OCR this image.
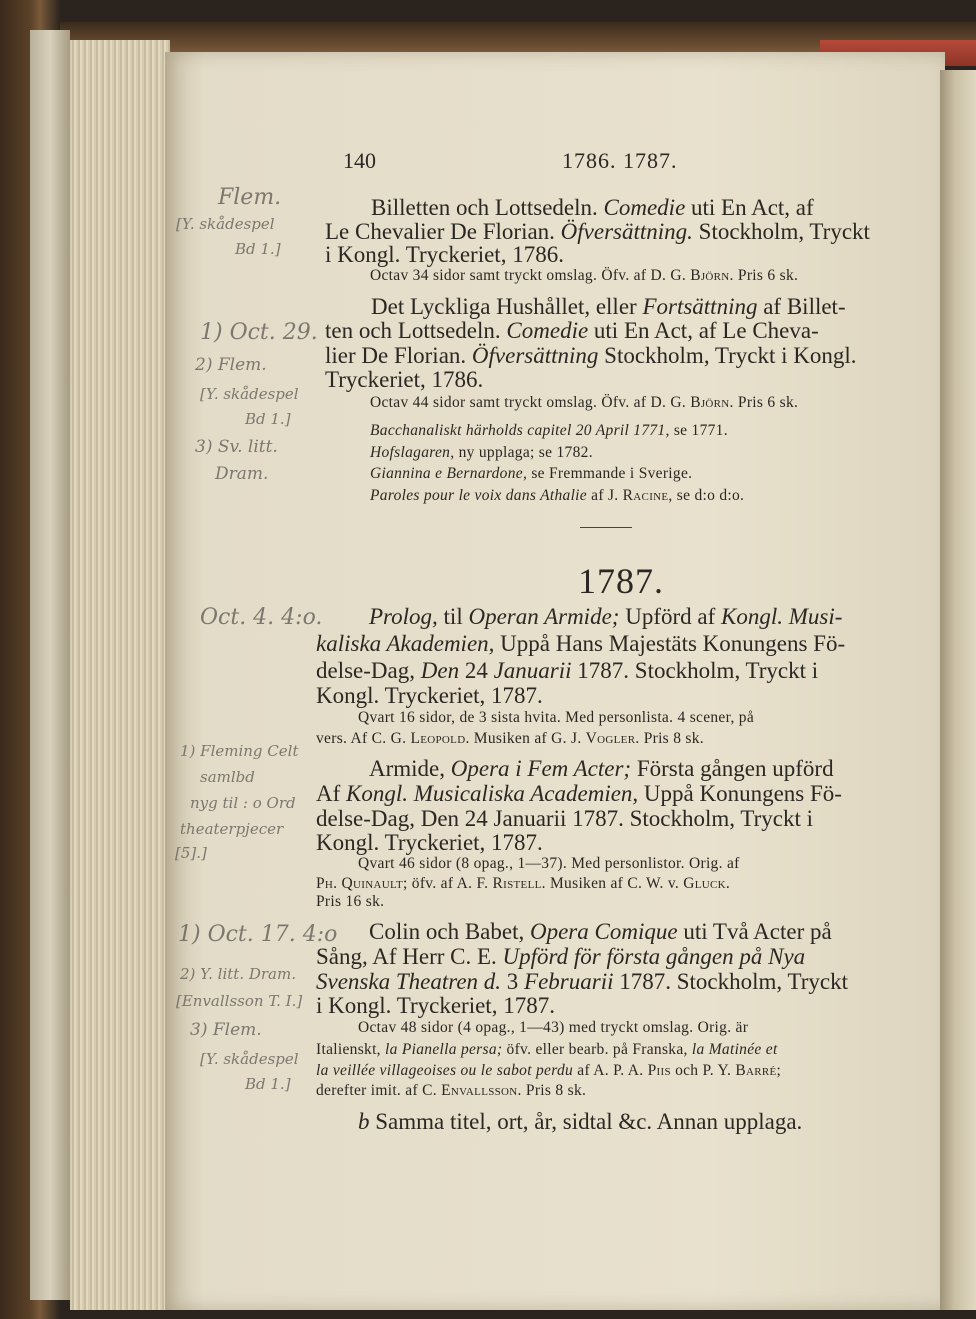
140	1786. 1787.
Billetten och Lottsedeln. Comedie uti En Act, af
Le Chevalier De Florian. Öfversättning. Stockholm, Tryckt
i Kongl. Tryckeriet, 1786.
Octav 34 sidor samt tryckt omslag. Öfv. af D. G. Björn. Pris 6 sk.
Det Lyckliga Hushållet, eller Fortsättning af Billet-
ten och Lottsedeln. Comedie uti En Act, af Le Cheva-
lier De Florian. Öfversättning Stockholm, Tryckt i Kongl.
Tryckeriet, 1786.
Octav 44 sidor samt tryckt omslag. Öfv. af D. G. Björn. Pris 6 sk.
Bacchanaliskt härholds capitel 20 April 1771, se 1771.
Hofslagaren, ny upplaga; se 1782.
Giannina e Bernardone, se Fremmande i Sverige.
Paroles pour le voix dans Athalie af J. Racine, se d:o d:o.
1787.
Prolog, til Operan Armide; Upförd af Kongl. Musi-
kaliska Akademien, Uppå Hans Majestäts Konungens Fö-
delse-Dag, Den 24 Januarii 1787. Stockholm, Tryckt i
Kongl. Tryckeriet, 1787.
Qvart 16 sidor, de 3 sista hvita. Med personlista. 4 scener, på
vers. Af C. G. Leopold. Musiken af G. J. Vogler. Pris 8 sk.
Armide, Opera i Fem Acter; Första gången upförd
Af Kongl. Musicaliska Academien, Uppå Konungens Fö-
delse-Dag, Den 24 Januarii 1787. Stockholm, Tryckt i
Kongl. Tryckeriet, 1787.
Qvart 46 sidor (8 opag., 1—37). Med personlistor. Orig. af
Ph. Quinault; öfv. af A. F. Ristell. Musiken af C. W. v. Gluck.
Pris 16 sk.
Colin och Babet, Opera Comique uti Två Acter på
Sång, Af Herr C. E. Upförd för första gången på Nya
Svenska Theatren d. 3 Februarii 1787. Stockholm, Tryckt
i Kongl. Tryckeriet, 1787.
Octav 48 sidor (4 opag., 1—43) med tryckt omslag. Orig. är
Italienskt, la Pianella persa; öfv. eller bearb. på Franska, la Matinée et
la veillée villageoises ou le sabot perdu af A. P. A. Piis och P. Y. Barré;
derefter imit. af C. Envallsson. Pris 8 sk.
b Samma titel, ort, år, sidtal &c. Annan upplaga.
Flem.
[Y. skådespel
Bd 1.]
1) Oct. 29.
2) Flem.
[Y. skådespel
Bd 1.]
3) Sv. litt.
Dram.
Oct. 4. 4:o.
1) Fleming Celt
samlbd
nyg til : o Ord
theaterpjecer
[5].]
1) Oct. 17. 4:o
2) Y. litt. Dram.
[Envallsson T. I.]
3) Flem.
[Y. skådespel
Bd 1.]
